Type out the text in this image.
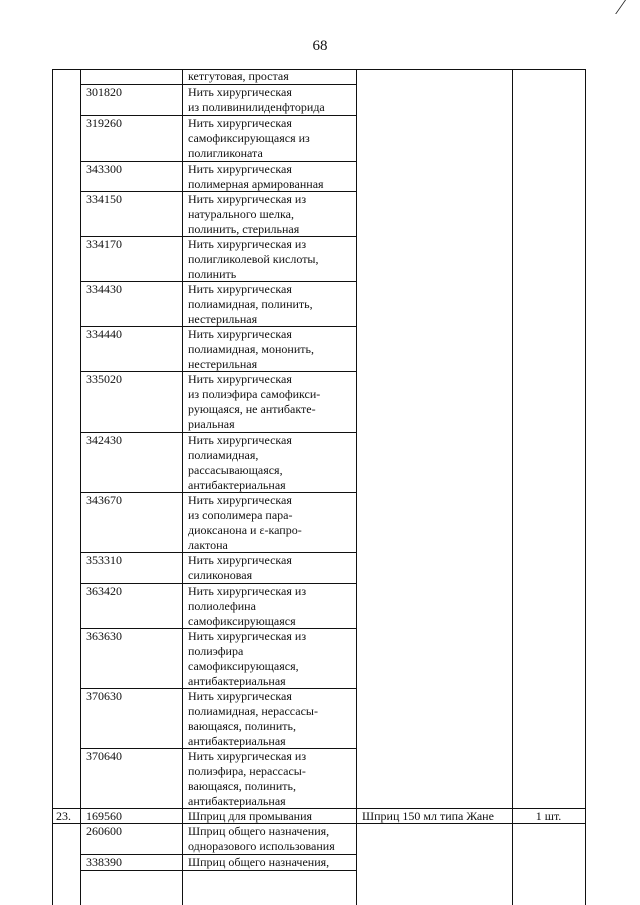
68
кетгутовая, простая
301820	Нить хирургическая
из поливинилиденфторида
319260	Нить хирургическая
самофиксирующаяся из
полигликоната
343300	Нить хирургическая
полимерная армированная
334150	Нить хирургическая из
натурального шелка,
полинить, стерильная
334170	Нить хирургическая из
полигликолевой кислоты,
полинить
334430	Нить хирургическая
полиамидная, полинить,
нестерильная
334440	Нить хирургическая
полиамидная, мононить,
нестерильная
335020	Нить хирургическая
из полиэфира самофикси-
рующаяся, не антибакте-
риальная
342430	Нить хирургическая
полиамидная,
рассасывающаяся,
антибактериальная
343670	Нить хирургическая
из сополимера пара-
диоксанона и ε-капро-
лактона
353310	Нить хирургическая
силиконовая
363420	Нить хирургическая из
полиолефина
самофиксирующаяся
363630	Нить хирургическая из
полиэфира
самофиксирующаяся,
антибактериальная
370630	Нить хирургическая
полиамидная, нерассасы-
вающаяся, полинить,
антибактериальная
370640	Нить хирургическая из
полиэфира, нерассасы-
вающаяся, полинить,
антибактериальная
23. 169560	Шприц для промывания	Шприц 150 мл типа Жане	1 шт.
260600	Шприц общего назначения,
одноразового использования
338390	Шприц общего назначения,
